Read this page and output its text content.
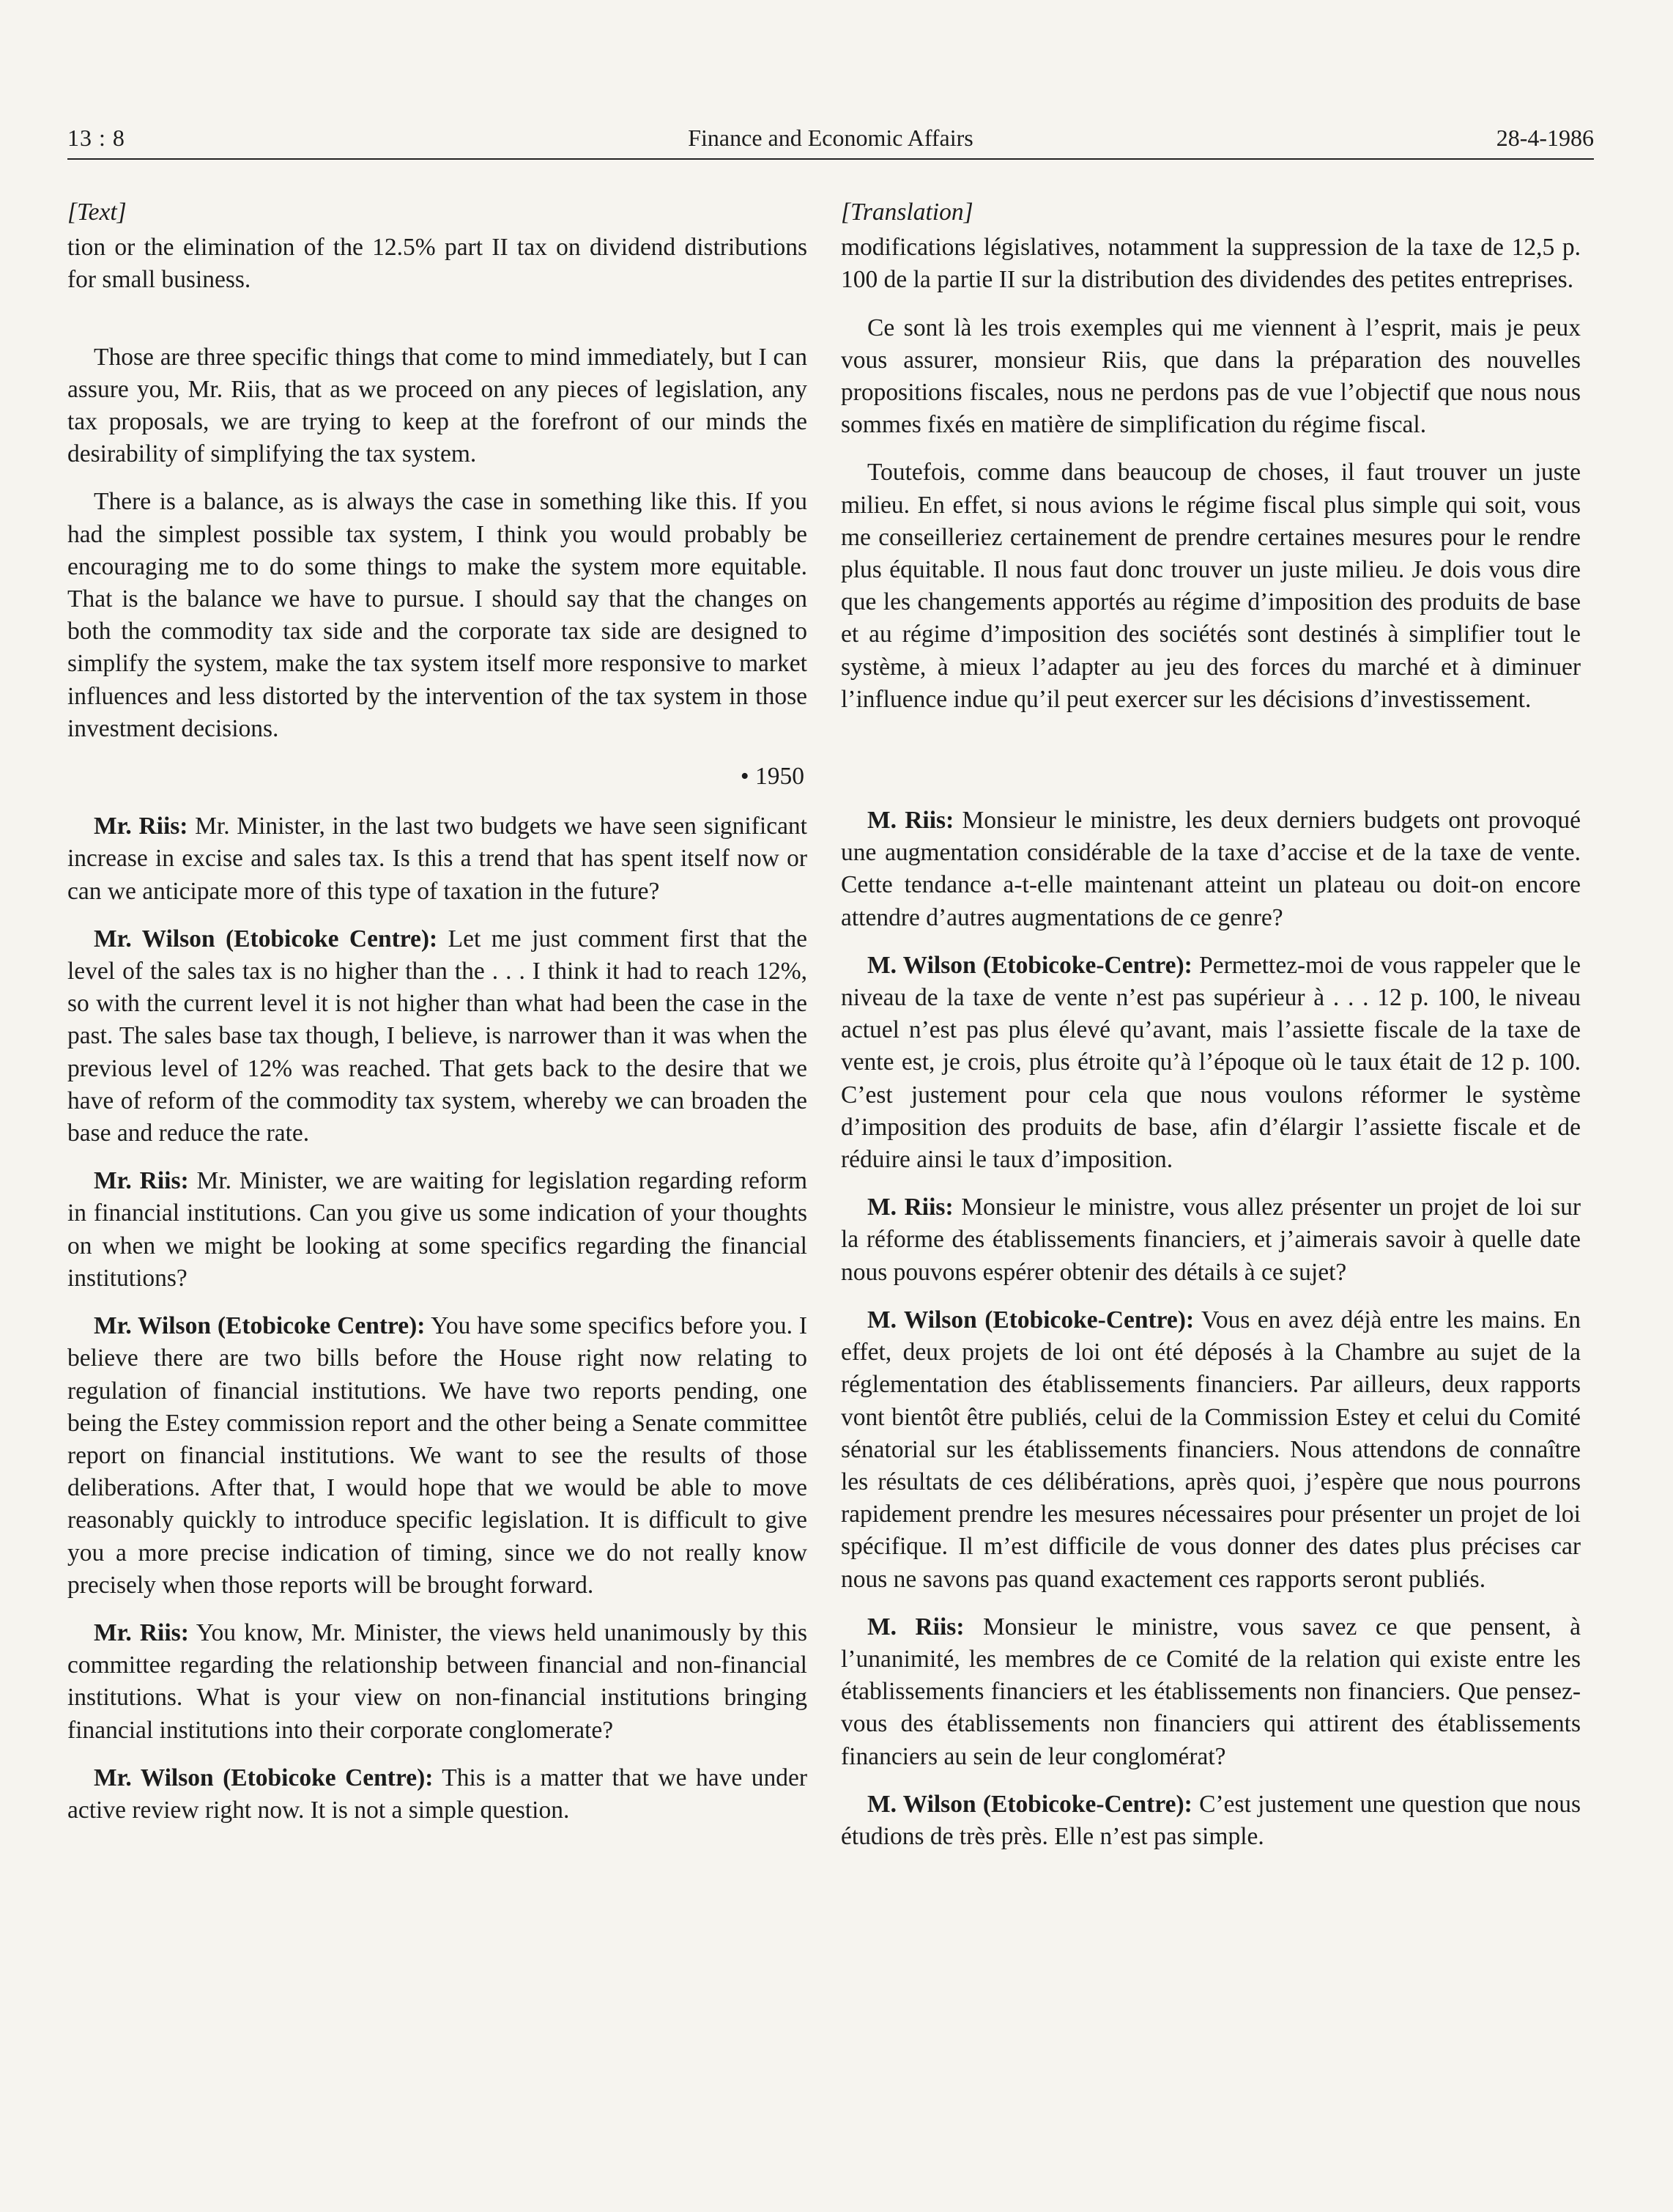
13 : 8	Finance and Economic Affairs	28-4-1986
[Text]

tion or the elimination of the 12.5% part II tax on dividend distributions for small business.

Those are three specific things that come to mind immediately, but I can assure you, Mr. Riis, that as we proceed on any pieces of legislation, any tax proposals, we are trying to keep at the forefront of our minds the desirability of simplifying the tax system.

There is a balance, as is always the case in something like this. If you had the simplest possible tax system, I think you would probably be encouraging me to do some things to make the system more equitable. That is the balance we have to pursue. I should say that the changes on both the commodity tax side and the corporate tax side are designed to simplify the system, make the tax system itself more responsive to market influences and less distorted by the intervention of the tax system in those investment decisions.

• 1950

Mr. Riis: Mr. Minister, in the last two budgets we have seen significant increase in excise and sales tax. Is this a trend that has spent itself now or can we anticipate more of this type of taxation in the future?

Mr. Wilson (Etobicoke Centre): Let me just comment first that the level of the sales tax is no higher than the . . . I think it had to reach 12%, so with the current level it is not higher than what had been the case in the past. The sales base tax though, I believe, is narrower than it was when the previous level of 12% was reached. That gets back to the desire that we have of reform of the commodity tax system, whereby we can broaden the base and reduce the rate.

Mr. Riis: Mr. Minister, we are waiting for legislation regarding reform in financial institutions. Can you give us some indication of your thoughts on when we might be looking at some specifics regarding the financial institutions?

Mr. Wilson (Etobicoke Centre): You have some specifics before you. I believe there are two bills before the House right now relating to regulation of financial institutions. We have two reports pending, one being the Estey commission report and the other being a Senate committee report on financial institutions. We want to see the results of those deliberations. After that, I would hope that we would be able to move reasonably quickly to introduce specific legislation. It is difficult to give you a more precise indication of timing, since we do not really know precisely when those reports will be brought forward.

Mr. Riis: You know, Mr. Minister, the views held unanimously by this committee regarding the relationship between financial and non-financial institutions. What is your view on non-financial institutions bringing financial institutions into their corporate conglomerate?

Mr. Wilson (Etobicoke Centre): This is a matter that we have under active review right now. It is not a simple question.

[Translation]

modifications législatives, notamment la suppression de la taxe de 12,5 p. 100 de la partie II sur la distribution des dividendes des petites entreprises.

Ce sont là les trois exemples qui me viennent à l’esprit, mais je peux vous assurer, monsieur Riis, que dans la préparation des nouvelles propositions fiscales, nous ne perdons pas de vue l’objectif que nous nous sommes fixés en matière de simplification du régime fiscal.

Toutefois, comme dans beaucoup de choses, il faut trouver un juste milieu. En effet, si nous avions le régime fiscal plus simple qui soit, vous me conseilleriez certainement de prendre certaines mesures pour le rendre plus équitable. Il nous faut donc trouver un juste milieu. Je dois vous dire que les changements apportés au régime d’imposition des produits de base et au régime d’imposition des sociétés sont destinés à simplifier tout le système, à mieux l’adapter au jeu des forces du marché et à diminuer l’influence indue qu’il peut exercer sur les décisions d’investissement.

M. Riis: Monsieur le ministre, les deux derniers budgets ont provoqué une augmentation considérable de la taxe d’accise et de la taxe de vente. Cette tendance a-t-elle maintenant atteint un plateau ou doit-on encore attendre d’autres augmentations de ce genre?

M. Wilson (Etobicoke-Centre): Permettez-moi de vous rappeler que le niveau de la taxe de vente n’est pas supérieur à . . . 12 p. 100, le niveau actuel n’est pas plus élevé qu’avant, mais l’assiette fiscale de la taxe de vente est, je crois, plus étroite qu’à l’époque où le taux était de 12 p. 100. C’est justement pour cela que nous voulons réformer le système d’imposition des produits de base, afin d’élargir l’assiette fiscale et de réduire ainsi le taux d’imposition.

M. Riis: Monsieur le ministre, vous allez présenter un projet de loi sur la réforme des établissements financiers, et j’aimerais savoir à quelle date nous pouvons espérer obtenir des détails à ce sujet?

M. Wilson (Etobicoke-Centre): Vous en avez déjà entre les mains. En effet, deux projets de loi ont été déposés à la Chambre au sujet de la réglementation des établissements financiers. Par ailleurs, deux rapports vont bientôt être publiés, celui de la Commission Estey et celui du Comité sénatorial sur les établissements financiers. Nous attendons de connaître les résultats de ces délibérations, après quoi, j’espère que nous pourrons rapidement prendre les mesures nécessaires pour présenter un projet de loi spécifique. Il m’est difficile de vous donner des dates plus précises car nous ne savons pas quand exactement ces rapports seront publiés.

M. Riis: Monsieur le ministre, vous savez ce que pensent, à l’unanimité, les membres de ce Comité de la relation qui existe entre les établissements financiers et les établissements non financiers. Que pensez-vous des établissements non financiers qui attirent des établissements financiers au sein de leur conglomérat?

M. Wilson (Etobicoke-Centre): C’est justement une question que nous étudions de très près. Elle n’est pas simple.
